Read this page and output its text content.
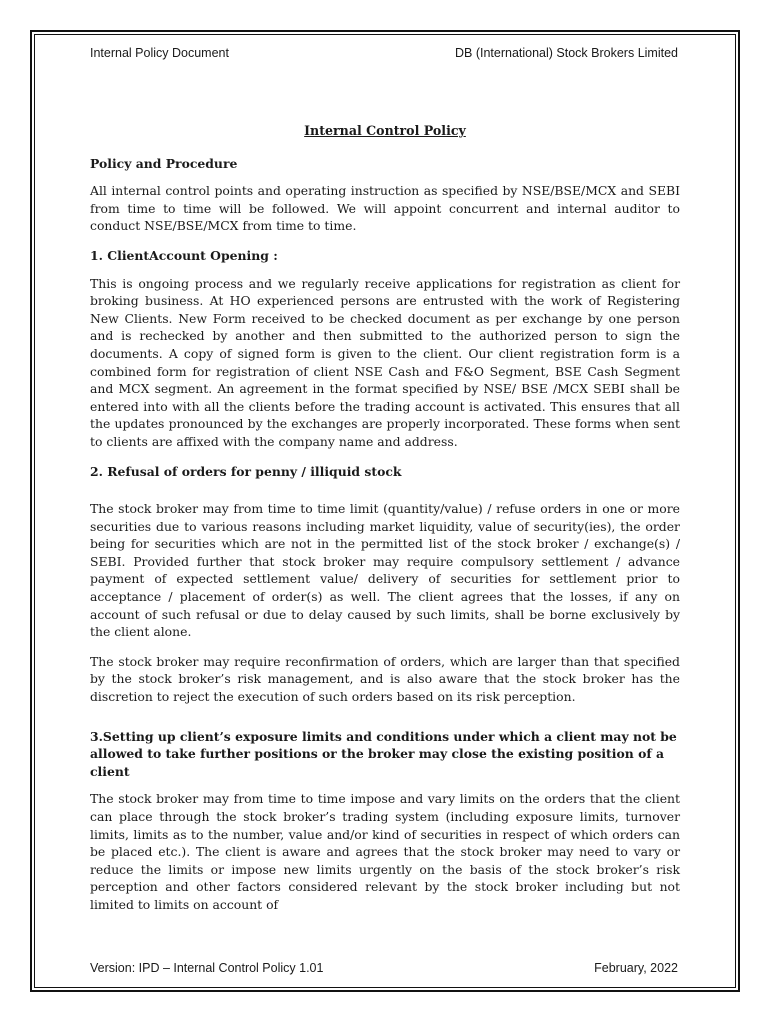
Internal Policy Document	DB (International) Stock Brokers Limited
Internal Control Policy
Policy and Procedure

All internal control points and operating instruction as specified by NSE/BSE/MCX and SEBI from time to time will be followed. We will appoint concurrent and internal auditor to conduct NSE/BSE/MCX from time to time.

1. ClientAccount Opening :

This is ongoing process and we regularly receive applications for registration as client for broking business. At HO experienced persons are entrusted with the work of Registering New Clients. New Form received to be checked document as per exchange by one person and is rechecked by another and then submitted to the authorized person to sign the documents. A copy of signed form is given to the client. Our client registration form is a combined form for registration of client NSE Cash and F&O Segment, BSE Cash Segment and MCX segment. An agreement in the format specified by NSE/ BSE /MCX SEBI shall be entered into with all the clients before the trading account is activated. This ensures that all the updates pronounced by the exchanges are properly incorporated. These forms when sent to clients are affixed with the company name and address.

2. Refusal of orders for penny / illiquid stock

The stock broker may from time to time limit (quantity/value) / refuse orders in one or more securities due to various reasons including market liquidity, value of security(ies), the order being for securities which are not in the permitted list of the stock broker / exchange(s) / SEBI. Provided further that stock broker may require compulsory settlement / advance payment of expected settlement value/ delivery of securities for settlement prior to acceptance / placement of order(s) as well. The client agrees that the losses, if any on account of such refusal or due to delay caused by such limits, shall be borne exclusively by the client alone.

The stock broker may require reconfirmation of orders, which are larger than that specified by the stock broker’s risk management, and is also aware that the stock broker has the discretion to reject the execution of such orders based on its risk perception.

3.Setting up client’s exposure limits and conditions under which a client may not be allowed to take further positions or the broker may close the existing position of a client

The stock broker may from time to time impose and vary limits on the orders that the client can place through the stock broker’s trading system (including exposure limits, turnover limits, limits as to the number, value and/or kind of securities in respect of which orders can be placed etc.). The client is aware and agrees that the stock broker may need to vary or reduce the limits or impose new limits urgently on the basis of the stock broker’s risk perception and other factors considered relevant by the stock broker including but not limited to limits on account of

Version: IPD – Internal Control Policy 1.01	February, 2022
